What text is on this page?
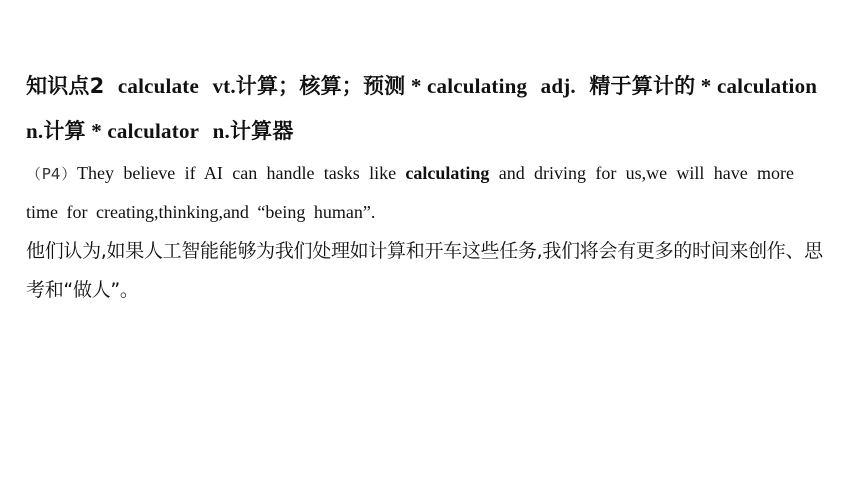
知识点2 calculate vt.计算；核算；预测 * calculating adj. 精于算计的 * calculation n.计算 * calculator n.计算器
（P4）They believe if AI can handle tasks like calculating and driving for us,we will have more time for creating,thinking,and “being human”.
他们认为,如果人工智能能够为我们处理如计算和开车这些任务,我们将会有更多的时间来创作、思考和“做人”。
